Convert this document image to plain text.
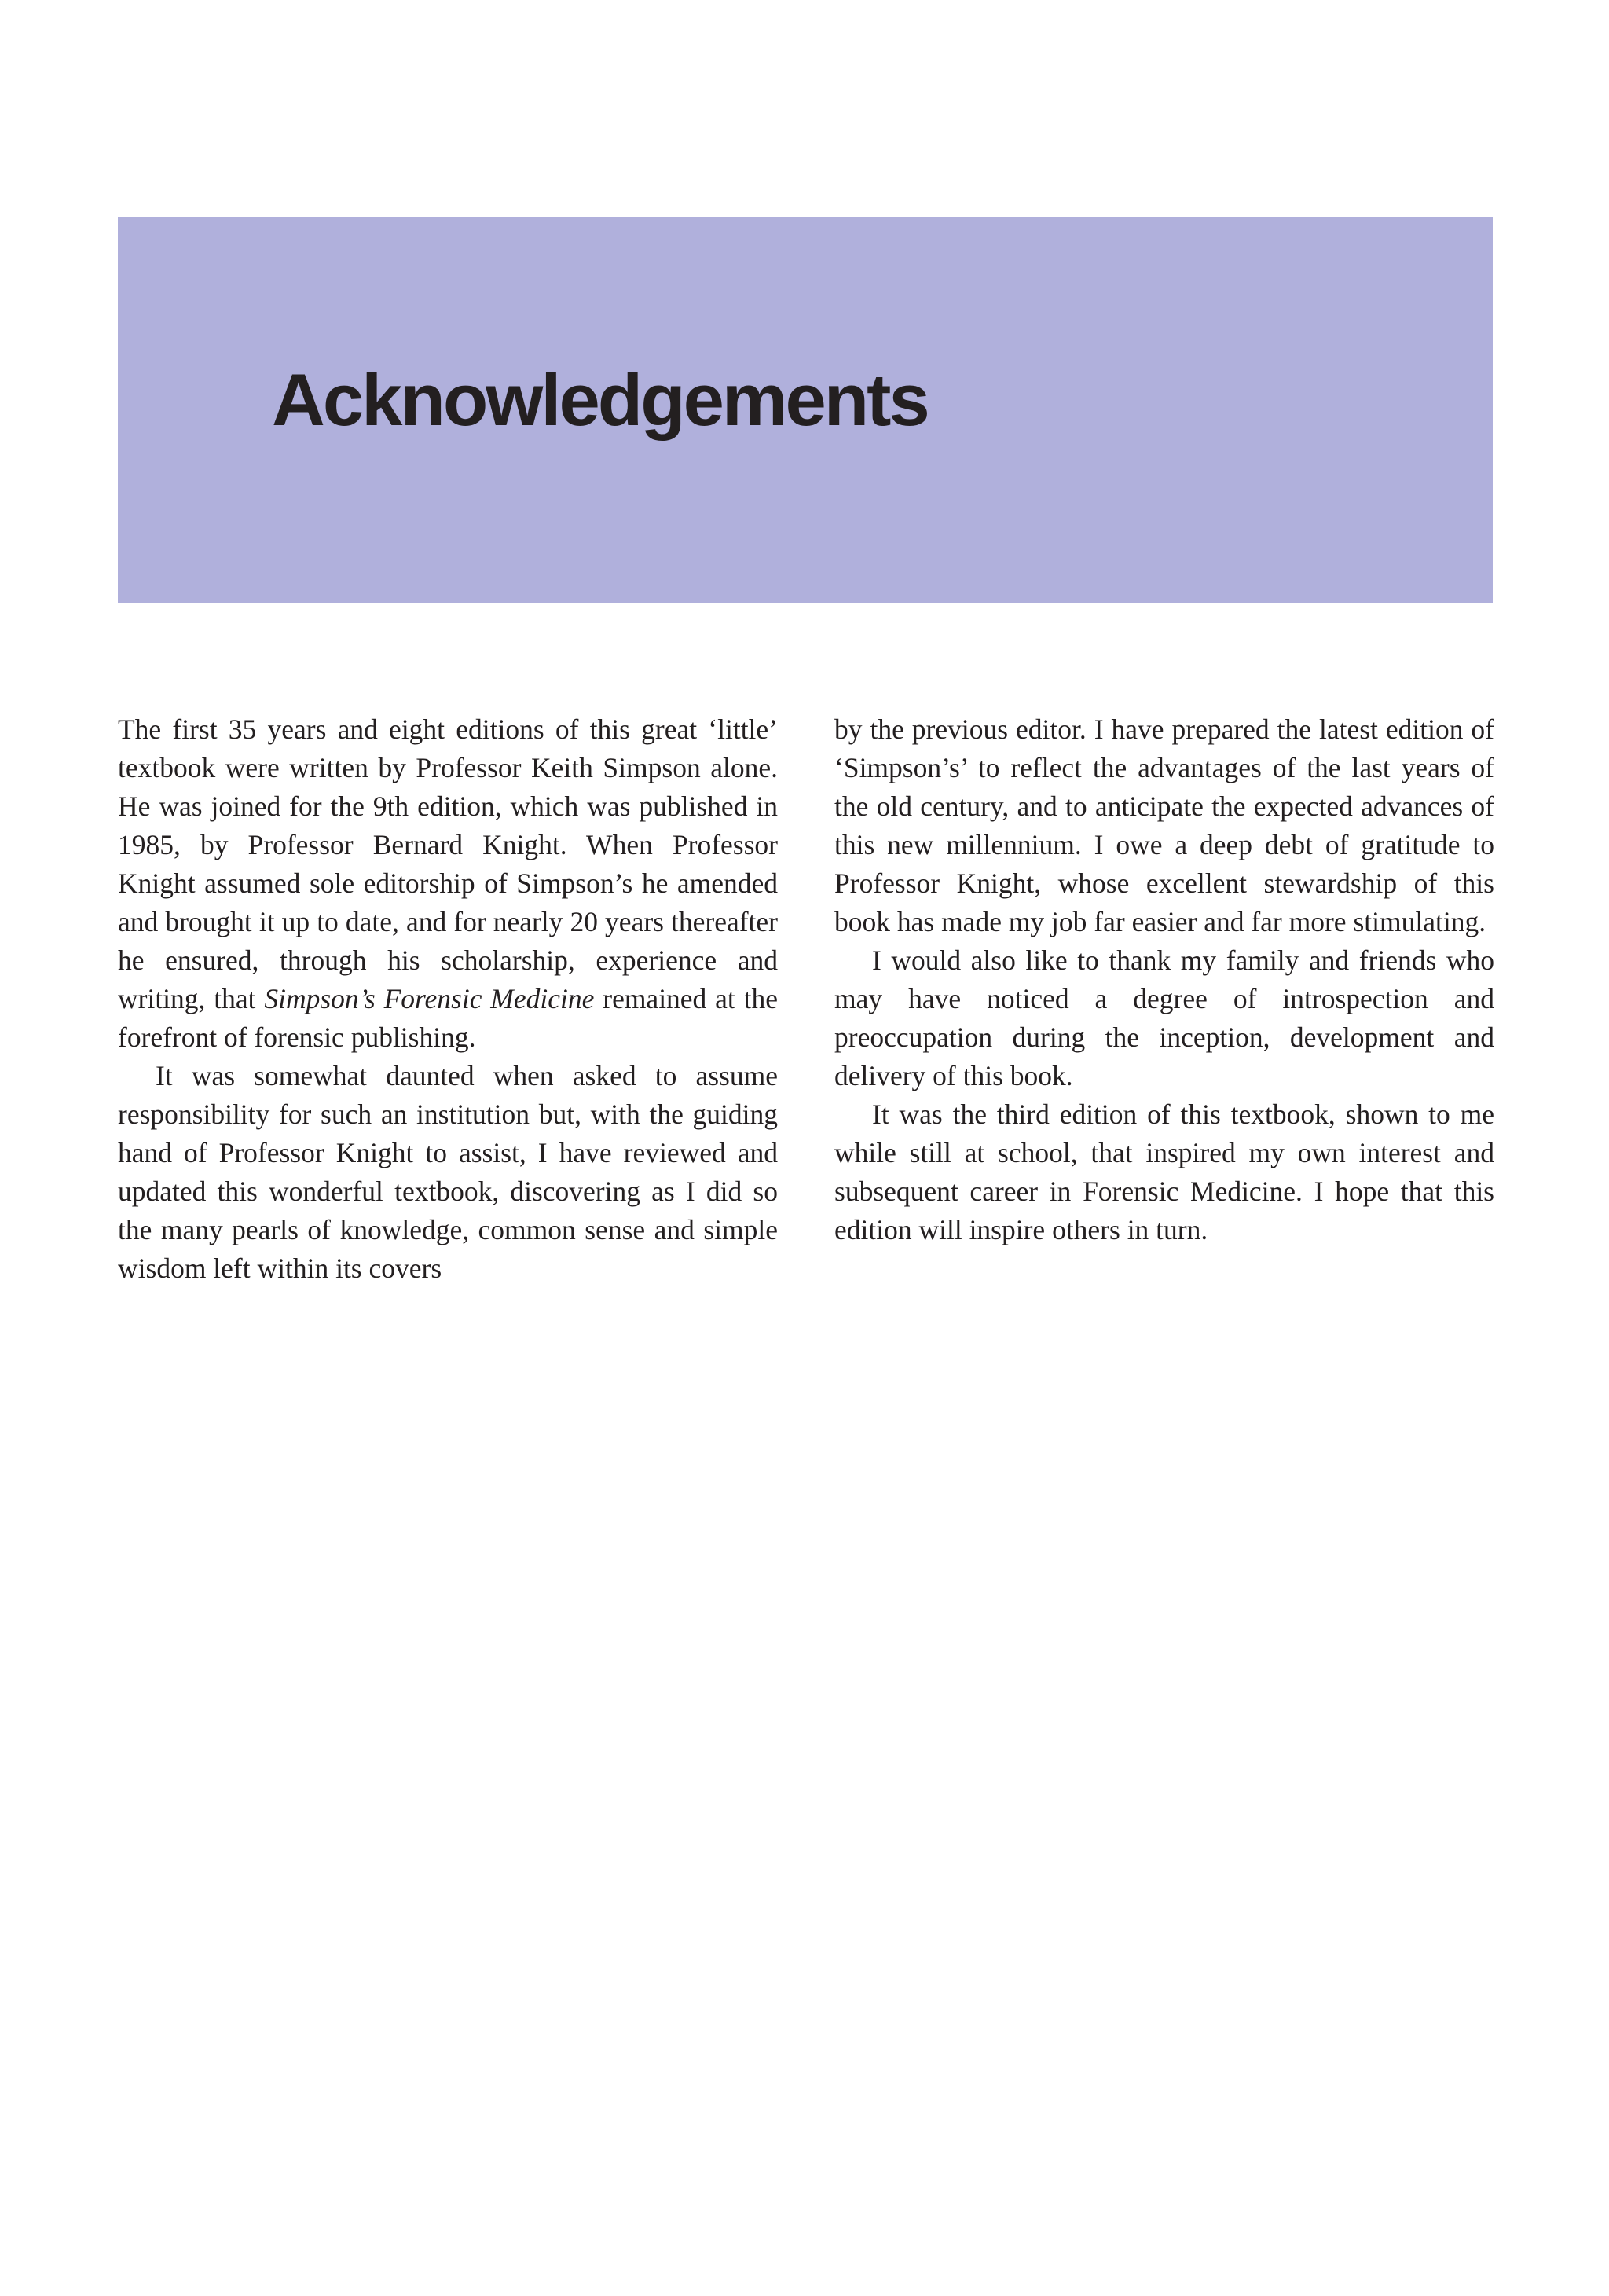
Acknowledgements

The first 35 years and eight editions of this great ‘little’ textbook were written by Professor Keith Simpson alone. He was joined for the 9th edition, which was published in 1985, by Professor Bernard Knight. When Professor Knight assumed sole editorship of Simpson’s he amended and brought it up to date, and for nearly 20 years thereafter he ensured, through his scholarship, experience and writing, that Simpson’s Forensic Medicine remained at the forefront of forensic publishing.

It was somewhat daunted when asked to assume responsibility for such an institution but, with the guiding hand of Professor Knight to assist, I have reviewed and updated this wonderful textbook, discovering as I did so the many pearls of knowledge, common sense and simple wisdom left within its covers

by the previous editor. I have prepared the latest edition of ‘Simpson’s’ to reflect the advantages of the last years of the old century, and to anticipate the expected advances of this new millennium. I owe a deep debt of gratitude to Professor Knight, whose excellent stewardship of this book has made my job far easier and far more stimulating.

I would also like to thank my family and friends who may have noticed a degree of introspection and preoccupation during the inception, development and delivery of this book.

It was the third edition of this textbook, shown to me while still at school, that inspired my own interest and subsequent career in Forensic Medicine. I hope that this edition will inspire others in turn.
